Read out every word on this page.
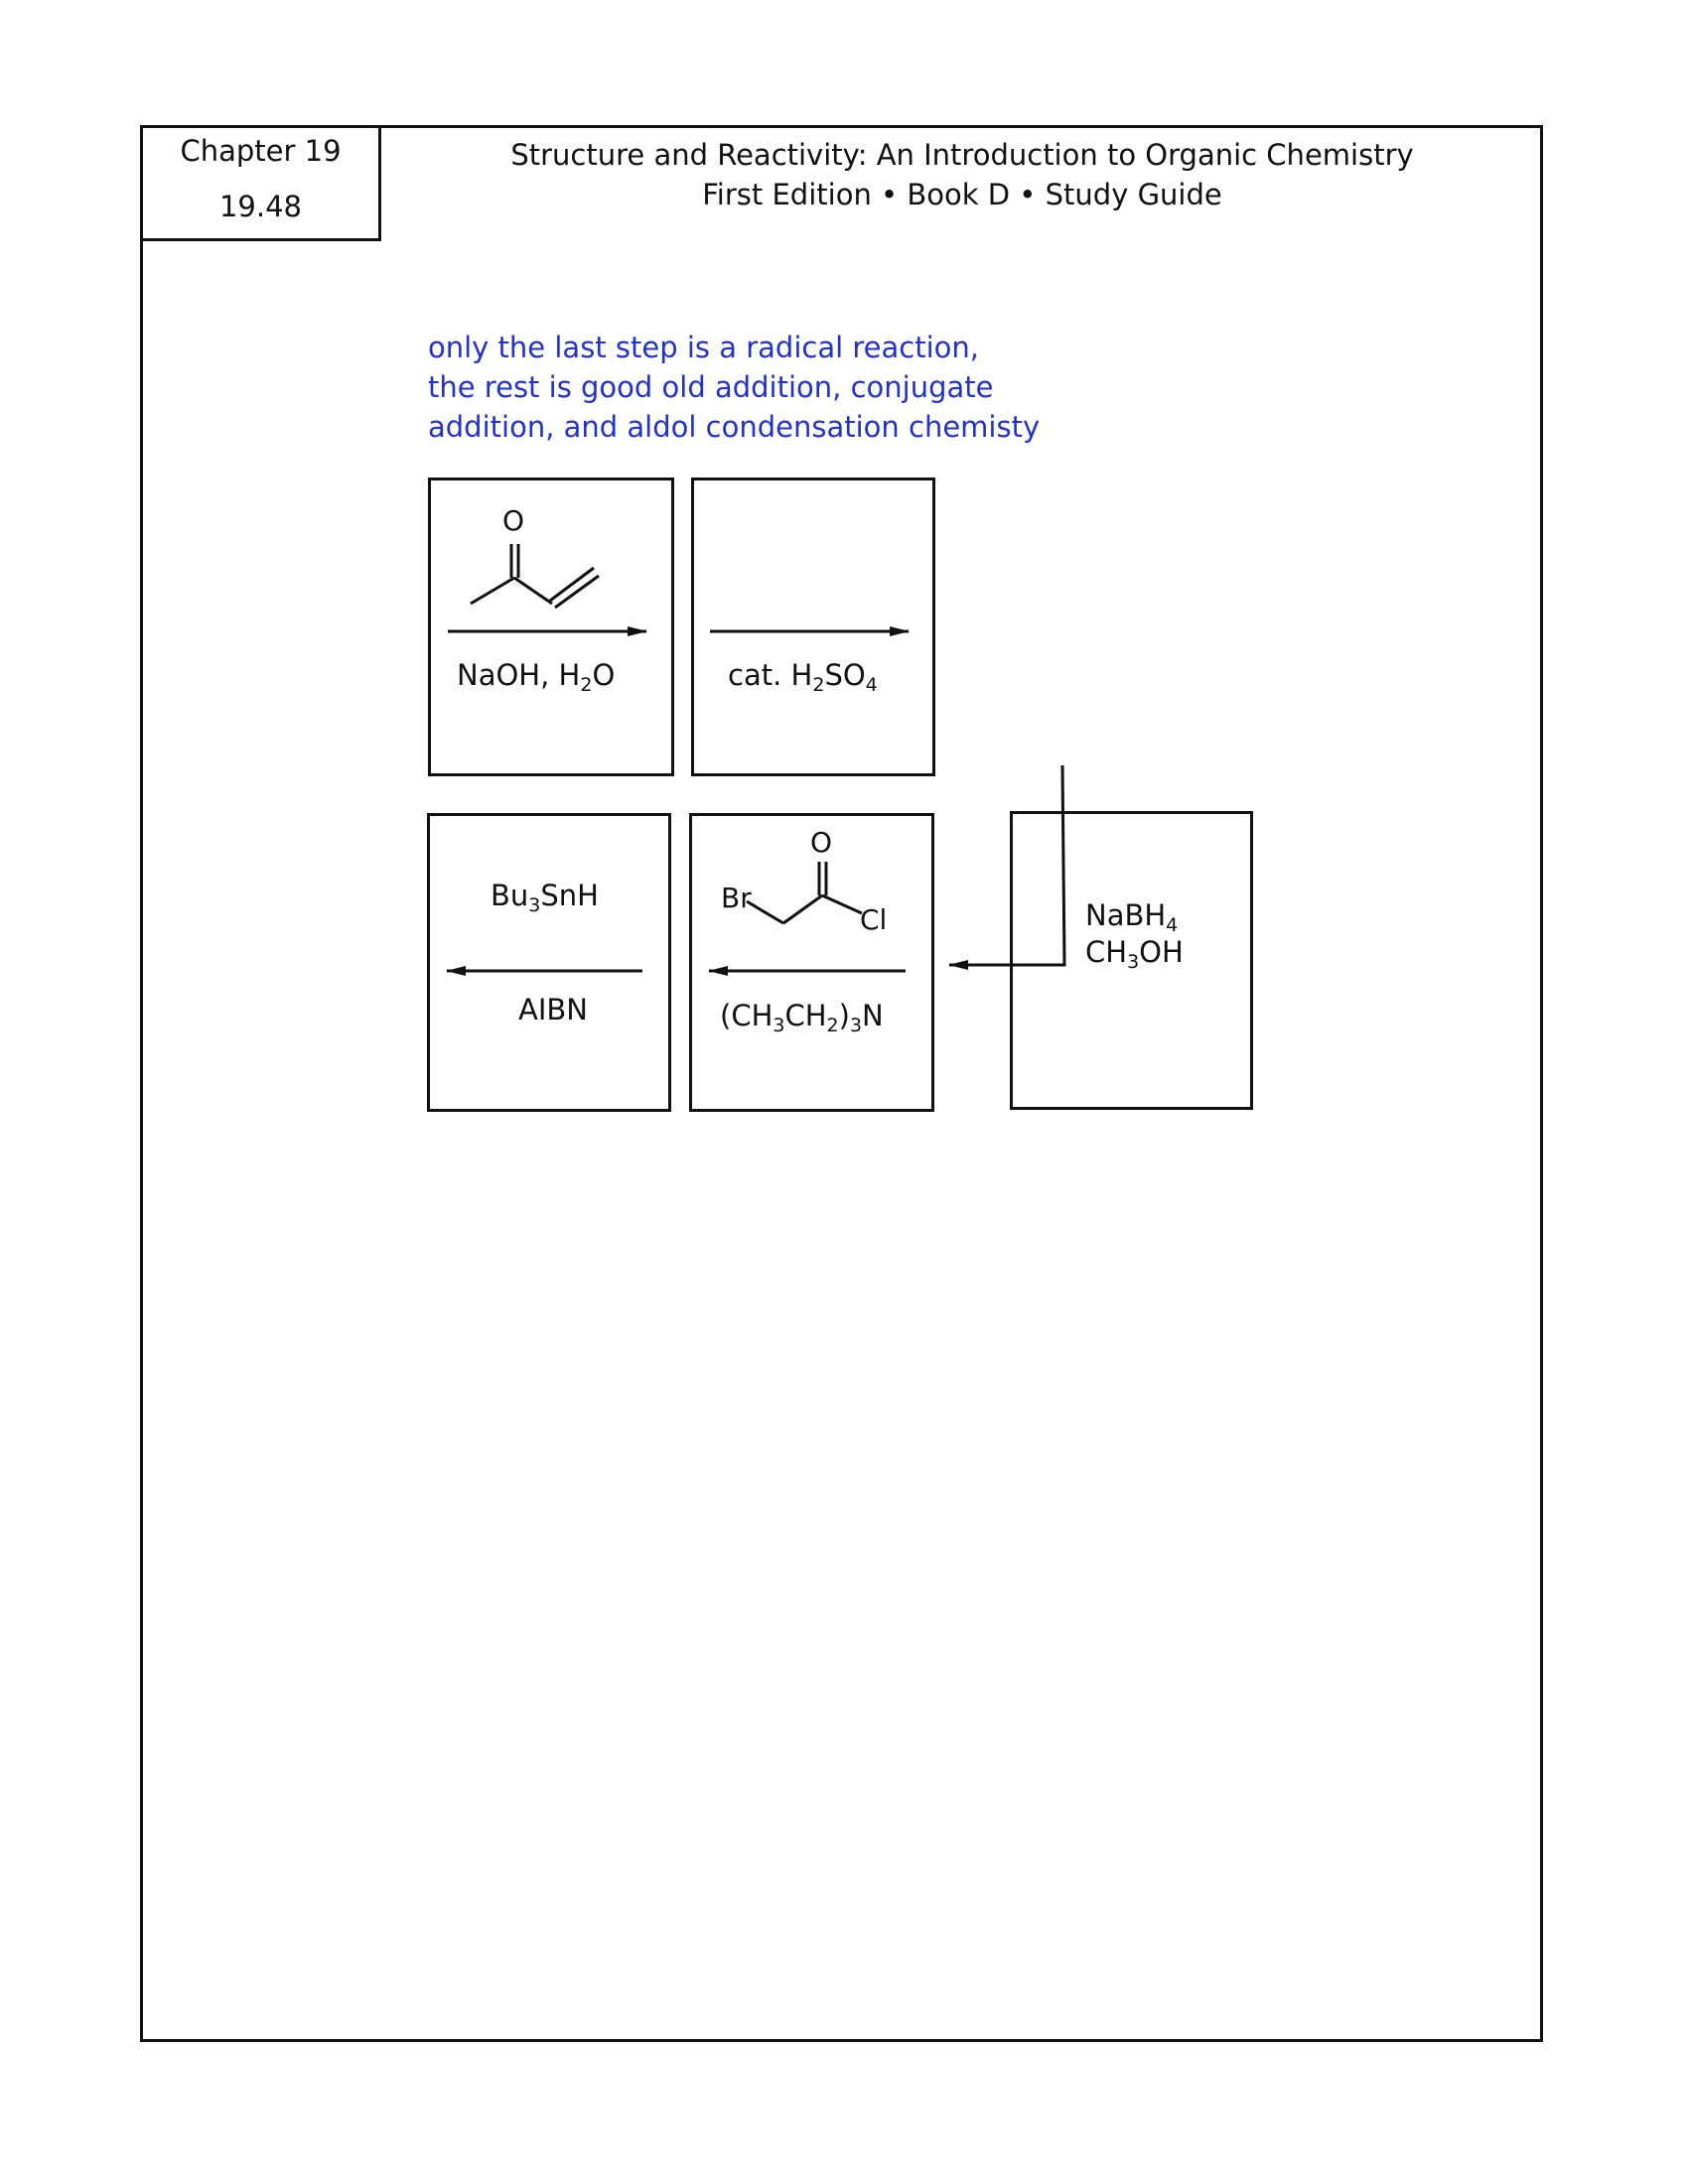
Chapter 19
19.48
Structure and Reactivity: An Introduction to Organic Chemistry
First Edition • Book D • Study Guide
only the last step is a radical reaction,
the rest is good old addition, conjugate
addition, and aldol condensation chemisty
O
NaOH, $H_2O$	cat. $H_2SO_4$
NaBH$_4$
$CH_3OH$
O
Br
Cl
$(CH_3CH_2)_3N$
$Bu_3SnH$
AIBN
